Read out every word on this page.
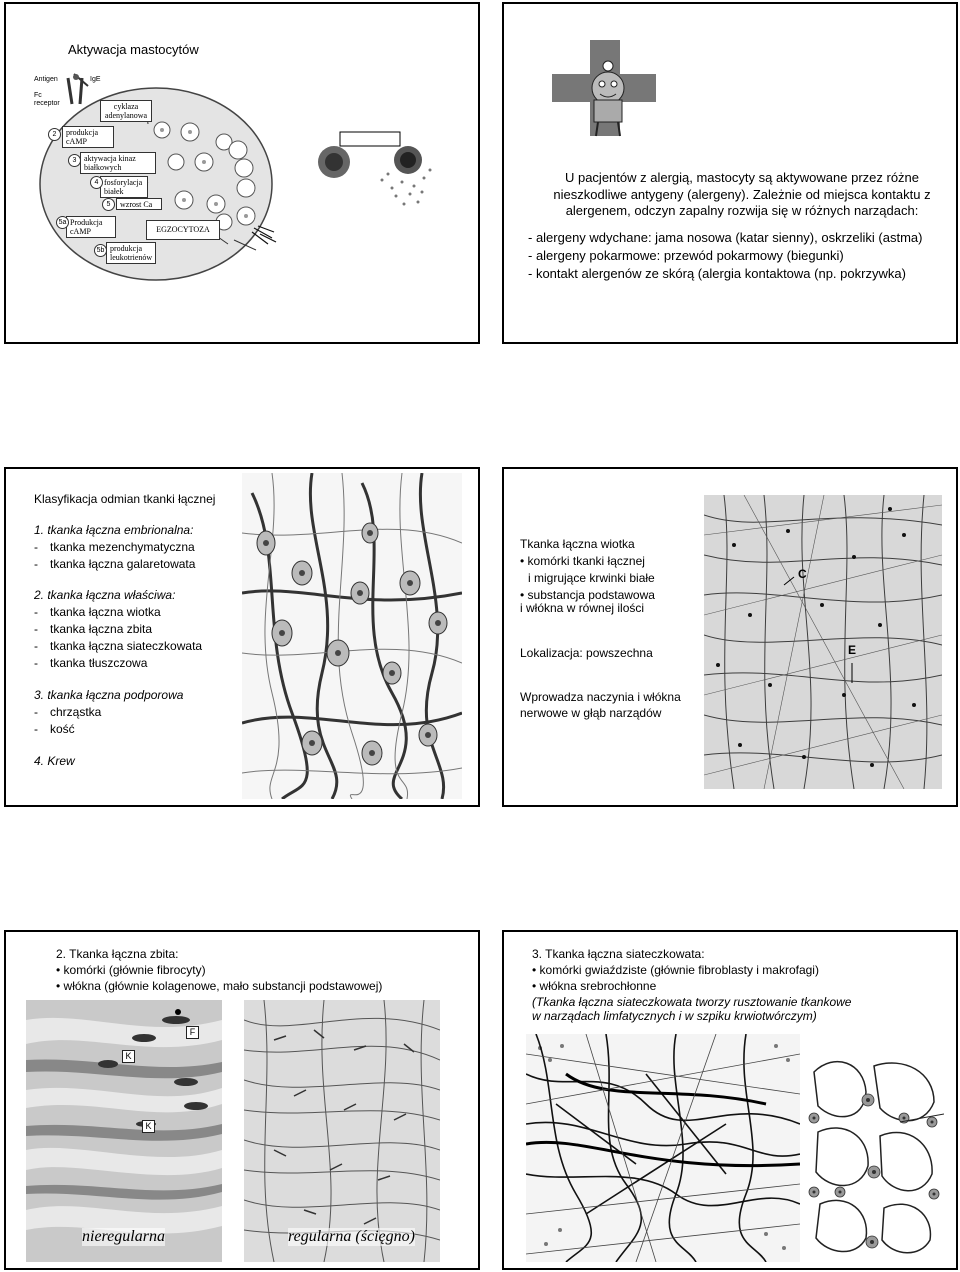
Aktywacja mastocytów
Antigen	IgE
Fc
receptor	cyklaza
adenylanowa
produkcja
cAMP
aktywacja kinaz
białkowych
fosforylacja
białek
wzrost Ca
Produkcja
cAMP	EGZOCYTOZA
produkcja
leukotrienów
2
3
4
5
5a
5b
U pacjentów z alergią, mastocyty są aktywowane przez różne nieszkodliwe antygeny (alergeny). Zależnie od miejsca kontaktu z alergenem, odczyn zapalny rozwija się w różnych narządach:
- alergeny wdychane: jama nosowa (katar sienny), oskrzeliki (astma)
- alergeny pokarmowe: przewód pokarmowy (biegunki)
- kontakt alergenów ze skórą (alergia kontaktowa (np. pokrzywka)
Klasyfikacja odmian tkanki łącznej
1. tkanka łączna embrionalna:
- tkanka mezenchymatyczna
- tkanka łączna galaretowata
2. tkanka łączna właściwa:
- tkanka łączna wiotka
- tkanka łączna zbita
- tkanka łączna siateczkowata
- tkanka tłuszczowa
3. tkanka łączna podporowa
- chrząstka
- kość
4. Krew
Tkanka łączna wiotka
• komórki tkanki łącznej
i migrujące krwinki białe
• substancja podstawowa
i włókna w równej ilości
Lokalizacja: powszechna
Wprowadza naczynia i włókna
nerwowe w głąb narządów
C
E
2. Tkanka łączna zbita:
• komórki (głównie fibrocyty)
• włókna (głównie kolagenowe, mało substancji podstawowej)
F
K
K
nieregularna	regularna (ścięgno)
3. Tkanka łączna siateczkowata:
• komórki gwiaździste (głównie fibroblasty i makrofagi)
• włókna srebrochłonne
(Tkanka łączna siateczkowata tworzy rusztowanie tkankowe
w narządach limfatycznych i w szpiku krwiotwórczym)
